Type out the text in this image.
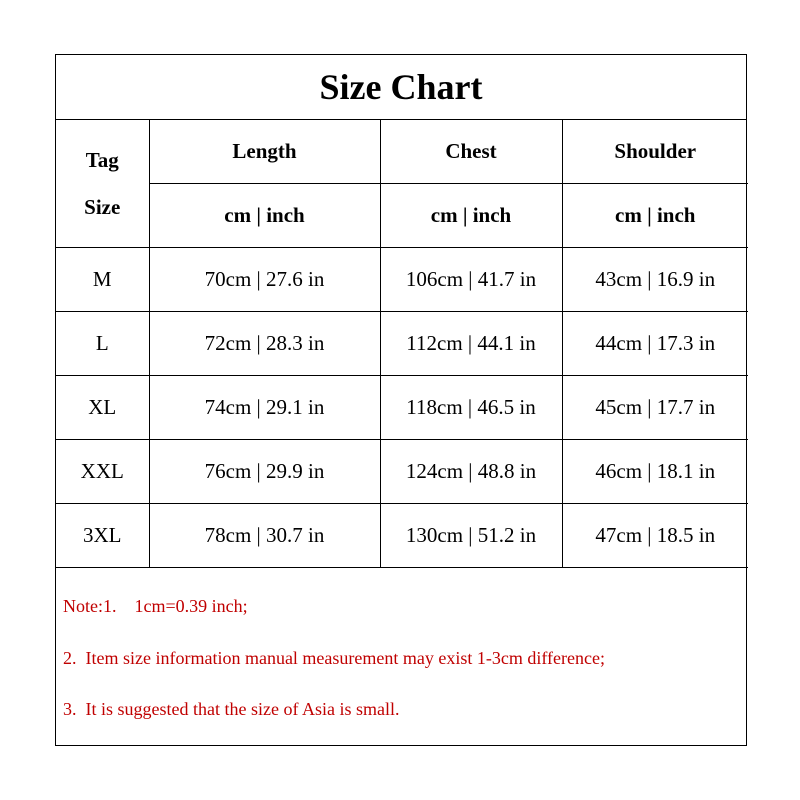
Size Chart
Tag
Size	Length	Chest	Shoulder
	cm | inch	cm | inch	cm | inch
M	70cm | 27.6 in	106cm | 41.7 in	43cm | 16.9 in
L	72cm | 28.3 in	112cm | 44.1 in	44cm | 17.3 in
XL	74cm | 29.1 in	118cm | 46.5 in	45cm | 17.7 in
XXL	76cm | 29.9 in	124cm | 48.8 in	46cm | 18.1 in
3XL	78cm | 30.7 in	130cm | 51.2 in	47cm | 18.5 in
Note:1.    1cm=0.39 inch;
2.  Item size information manual measurement may exist 1-3cm difference;
3.  It is suggested that the size of Asia is small.
